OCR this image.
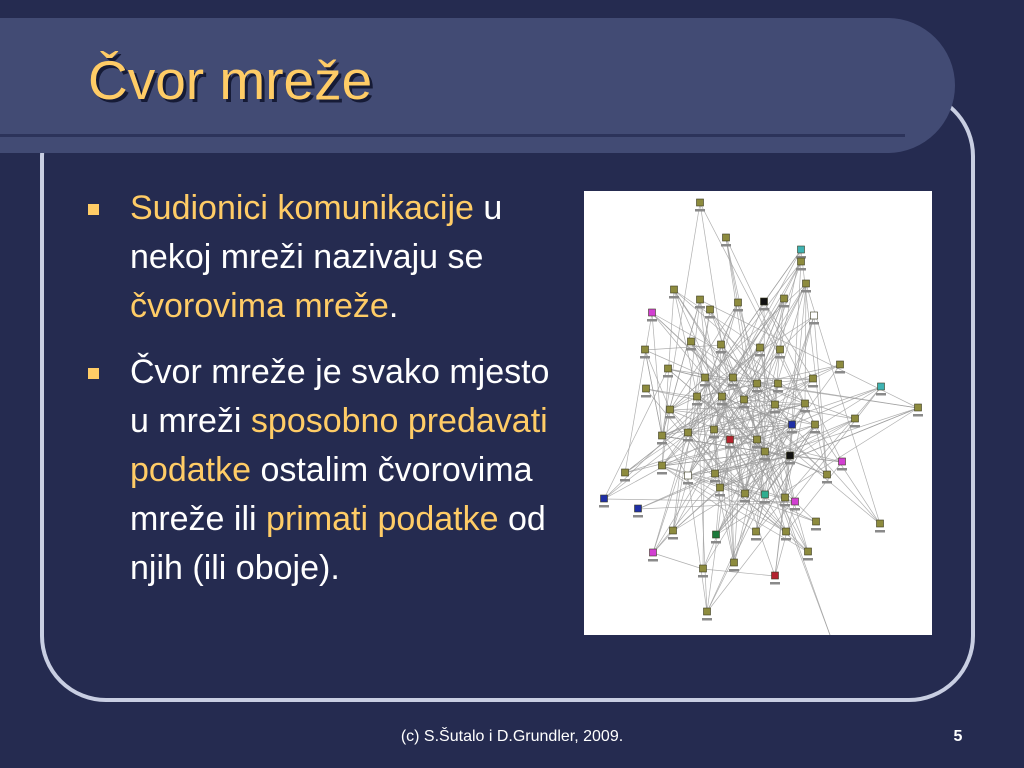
Čvor mreže
Sudionici komunikacije u
nekoj mreži nazivaju se
čvorovima mreže.
Čvor mreže je svako mjesto
u mreži sposobno predavati
podatke ostalim čvorovima
mreže ili primati podatke od
njih (ili oboje).
(c) S.Šutalo i D.Grundler, 2009.	5
